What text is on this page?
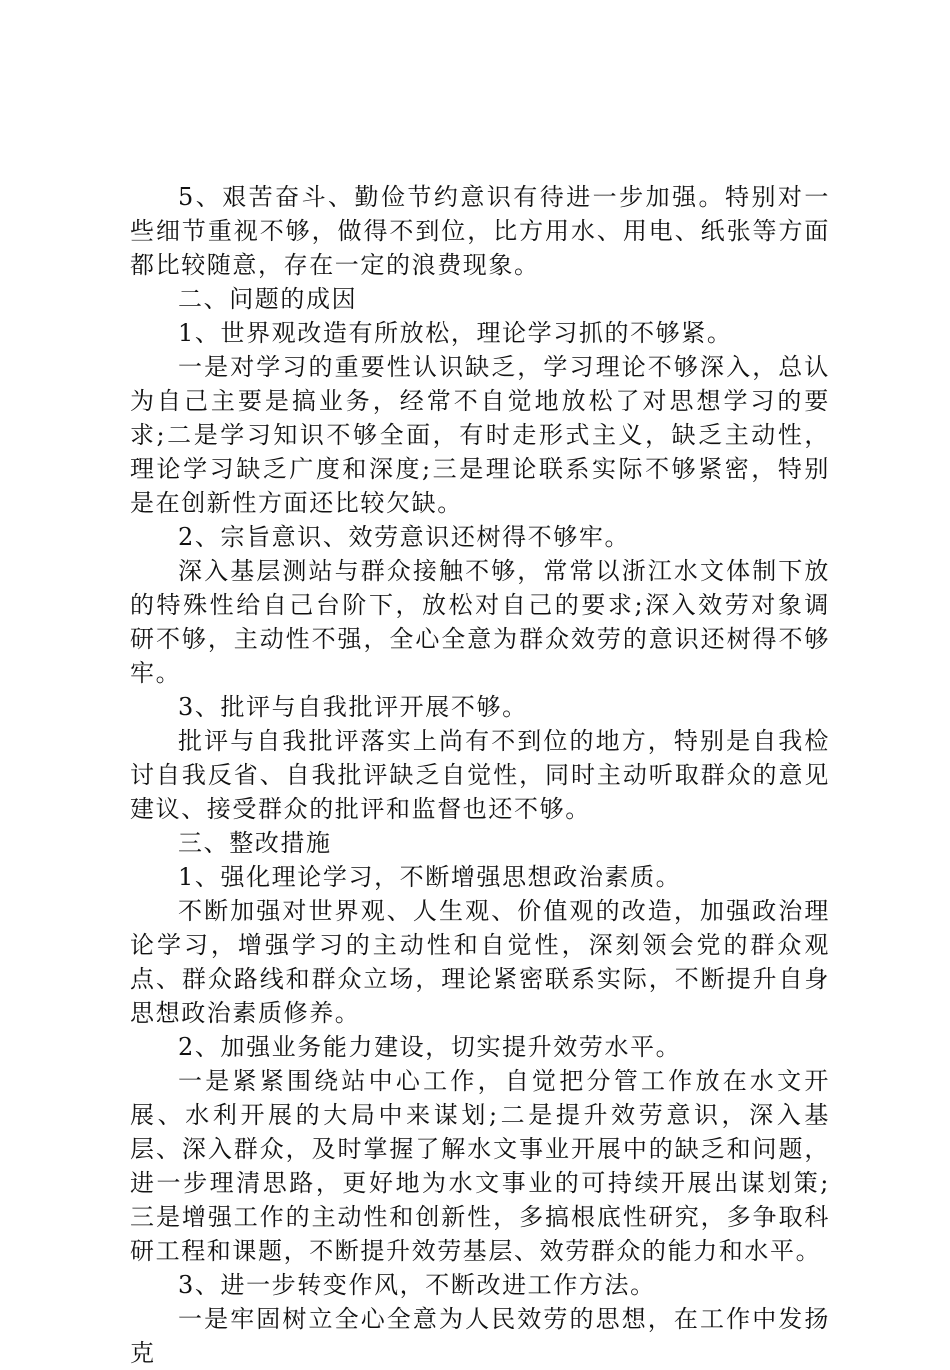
5、艰苦奋斗、勤俭节约意识有待进一步加强。特别对一些细节重视不够，做得不到位，比方用水、用电、纸张等方面都比较随意，存在一定的浪费现象。

二、问题的成因

1、世界观改造有所放松，理论学习抓的不够紧。

一是对学习的重要性认识缺乏，学习理论不够深入，总认为自己主要是搞业务，经常不自觉地放松了对思想学习的要求;二是学习知识不够全面，有时走形式主义，缺乏主动性，理论学习缺乏广度和深度;三是理论联系实际不够紧密，特别是在创新性方面还比较欠缺。

2、宗旨意识、效劳意识还树得不够牢。

深入基层测站与群众接触不够，常常以浙江水文体制下放的特殊性给自己台阶下，放松对自己的要求;深入效劳对象调研不够，主动性不强，全心全意为群众效劳的意识还树得不够牢。

3、批评与自我批评开展不够。

批评与自我批评落实上尚有不到位的地方，特别是自我检讨自我反省、自我批评缺乏自觉性，同时主动听取群众的意见建议、接受群众的批评和监督也还不够。

三、整改措施

1、强化理论学习，不断增强思想政治素质。

不断加强对世界观、人生观、价值观的改造，加强政治理论学习，增强学习的主动性和自觉性，深刻领会党的群众观点、群众路线和群众立场，理论紧密联系实际，不断提升自身思想政治素质修养。

2、加强业务能力建设，切实提升效劳水平。

一是紧紧围绕站中心工作，自觉把分管工作放在水文开展、水利开展的大局中来谋划;二是提升效劳意识，深入基层、深入群众，及时掌握了解水文事业开展中的缺乏和问题，进一步理清思路，更好地为水文事业的可持续开展出谋划策;三是增强工作的主动性和创新性，多搞根底性研究，多争取科研工程和课题，不断提升效劳基层、效劳群众的能力和水平。

3、进一步转变作风，不断改进工作方法。

一是牢固树立全心全意为人民效劳的思想，在工作中发扬克
